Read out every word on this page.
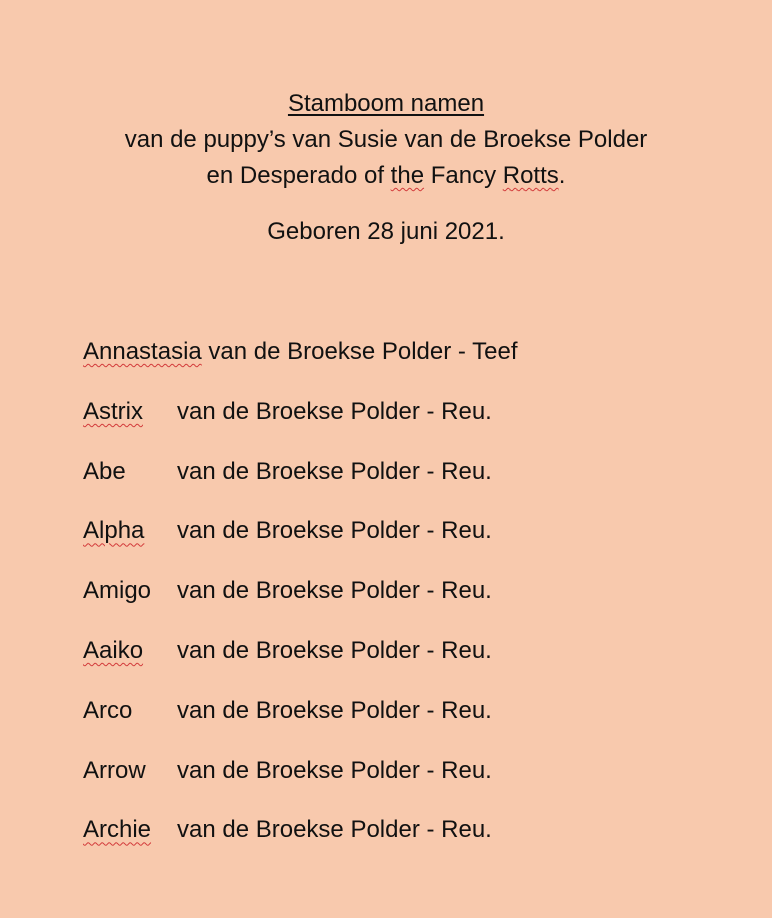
Stamboom namen
van de puppy’s van Susie van de Broekse Polder
en Desperado of the Fancy Rotts.
Geboren 28 juni 2021.
Annastasia van de Broekse Polder - Teef
Astrix van de Broekse Polder - Reu.
Abe van de Broekse Polder - Reu.
Alpha van de Broekse Polder - Reu.
Amigo van de Broekse Polder - Reu.
Aaiko van de Broekse Polder - Reu.
Arco van de Broekse Polder - Reu.
Arrow van de Broekse Polder - Reu.
Archie van de Broekse Polder - Reu.
